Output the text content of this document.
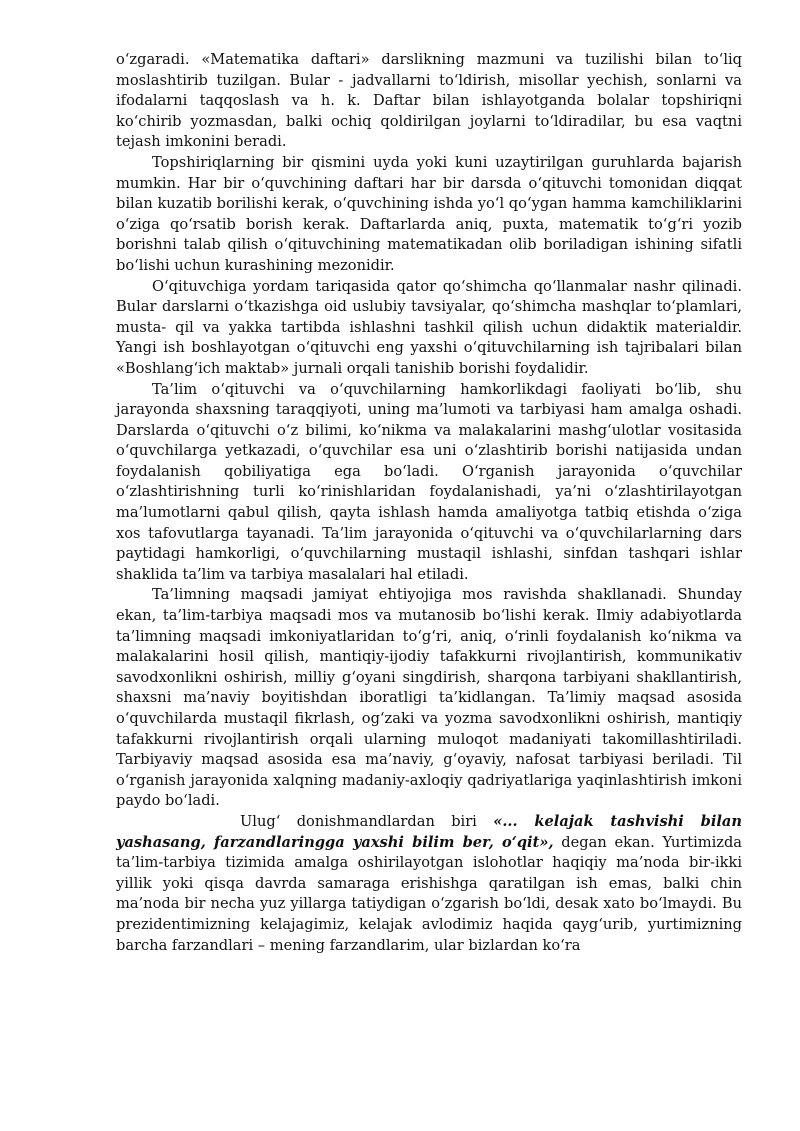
o‘zgaradi. «Matematika daftari» darslikning mazmuni va tuzilishi bilan to‘liq moslashtirib tuzilgan. Bular - jadvallarni to‘ldirish, misollar yechish, sonlarni va ifodalarni taqqoslash va h. k. Daftar bilan ishlayotganda bolalar topshiriqni ko‘chirib yozmasdan, balki ochiq qoldirilgan joylarni to‘ldiradilar, bu esa vaqtni tejash imkonini beradi.

Topshiriqlarning bir qismini uyda yoki kuni uzaytirilgan guruhlarda bajarish mumkin. Har bir o‘quvchining daftari har bir darsda o‘qituvchi tomonidan diqqat bilan kuzatib borilishi kerak, o‘quvchining ishda yo‘l qo‘ygan hamma kamchiliklarini o‘ziga qo‘rsatib borish kerak. Daftarlarda aniq, puxta, matematik to‘g‘ri yozib borishni talab qilish o‘qituvchining matematikadan olib boriladigan ishining sifatli bo‘lishi uchun kurashining mezonidir.

O‘qituvchiga yordam tariqasida qator qo‘shimcha qo‘llanmalar nashr qilinadi. Bular darslarni o‘tkazishga oid uslubiy tavsiyalar, qo‘shimcha mashqlar to‘plamlari, musta- qil va yakka tartibda ishlashni tashkil qilish uchun didaktik materialdir. Yangi ish boshlayotgan o‘qituvchi eng yaxshi o‘qituvchilarning ish tajribalari bilan «Boshlang‘ich maktab» jurnali orqali tanishib borishi foydalidir.

Ta’lim o‘qituvchi va o‘quvchilarning hamkorlikdagi faoliyati bo‘lib, shu jarayonda shaxsning taraqqiyoti, uning ma’lumoti va tarbiyasi ham amalga oshadi. Darslarda o‘qituvchi o‘z bilimi, ko‘nikma va malakalarini mashg‘ulotlar vositasida o‘quvchilarga yetkazadi, o‘quvchilar esa uni o‘zlashtirib borishi natijasida undan foydalanish qobiliyatiga ega bo‘ladi. O‘rganish jarayonida o‘quvchilar o‘zlashtirishning turli ko‘rinishlaridan foydalanishadi, ya’ni o‘zlashtirilayotgan ma’lumotlarni qabul qilish, qayta ishlash hamda amaliyotga tatbiq etishda o‘ziga xos tafovutlarga tayanadi. Ta’lim jarayonida o‘qituvchi va o‘quvchilarlarning dars paytidagi hamkorligi, o‘quvchilarning mustaqil ishlashi, sinfdan tashqari ishlar shaklida ta’lim va tarbiya masalalari hal etiladi.

Ta’limning maqsadi jamiyat ehtiyojiga mos ravishda shakllanadi. Shunday ekan, ta’lim-tarbiya maqsadi mos va mutanosib bo‘lishi kerak. Ilmiy adabiyotlarda ta’limning maqsadi imkoniyatlaridan to‘g‘ri, aniq, o‘rinli foydalanish ko‘nikma va malakalarini hosil qilish, mantiqiy-ijodiy tafakkurni rivojlantirish, kommunikativ savodxonlikni oshirish, milliy g‘oyani singdirish, sharqona tarbiyani shakllantirish, shaxsni ma’naviy boyitishdan iboratligi ta’kidlangan. Ta’limiy maqsad asosida o‘quvchilarda mustaqil fikrlash, og‘zaki va yozma savodxonlikni oshirish, mantiqiy tafakkurni rivojlantirish orqali ularning muloqot madaniyati takomillashtiriladi. Tarbiyaviy maqsad asosida esa ma’naviy, g‘oyaviy, nafosat tarbiyasi beriladi. Til o‘rganish jarayonida xalqning madaniy-axloqiy qadriyatlariga yaqinlashtirish imkoni paydo bo‘ladi.

Ulug‘ donishmandlardan biri «... kelajak tashvishi bilan yashasang, farzandlaringga yaxshi bilim ber, o‘qit», degan ekan. Yurtimizda ta’lim-tarbiya tizimida amalga oshirilayotgan islohotlar haqiqiy ma’noda bir-ikki yillik yoki qisqa davrda samaraga erishishga qaratilgan ish emas, balki chin ma’noda bir necha yuz yillarga tatiydigan o‘zgarish bo‘ldi, desak xato bo‘lmaydi. Bu prezidentimizning kelajagimiz, kelajak avlodimiz haqida qayg‘urib, yurtimizning barcha farzandlari – mening farzandlarim, ular bizlardan ko‘ra
